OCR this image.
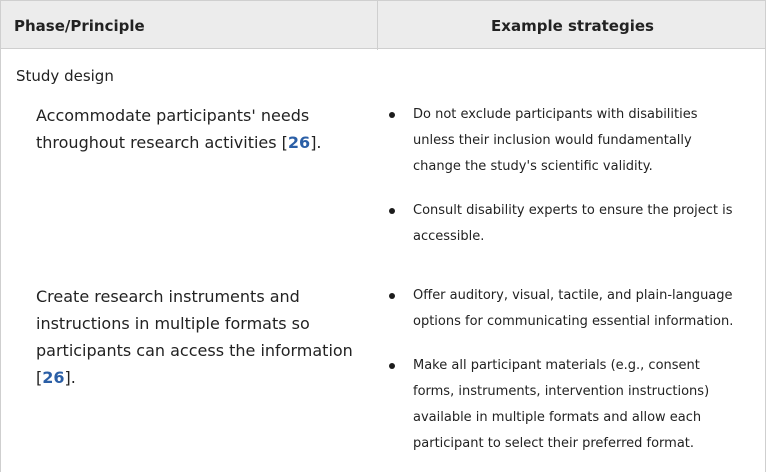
Phase/Principle	Example strategies
Study design
Accommodate participants' needs throughout research activities [26].
Do not exclude participants with disabilities unless their inclusion would fundamentally change the study's scientific validity.
Consult disability experts to ensure the project is accessible.
Create research instruments and instructions in multiple formats so participants can access the information [26].
Offer auditory, visual, tactile, and plain-language options for communicating essential information.
Make all participant materials (e.g., consent forms, instruments, intervention instructions) available in multiple formats and allow each participant to select their preferred format.
